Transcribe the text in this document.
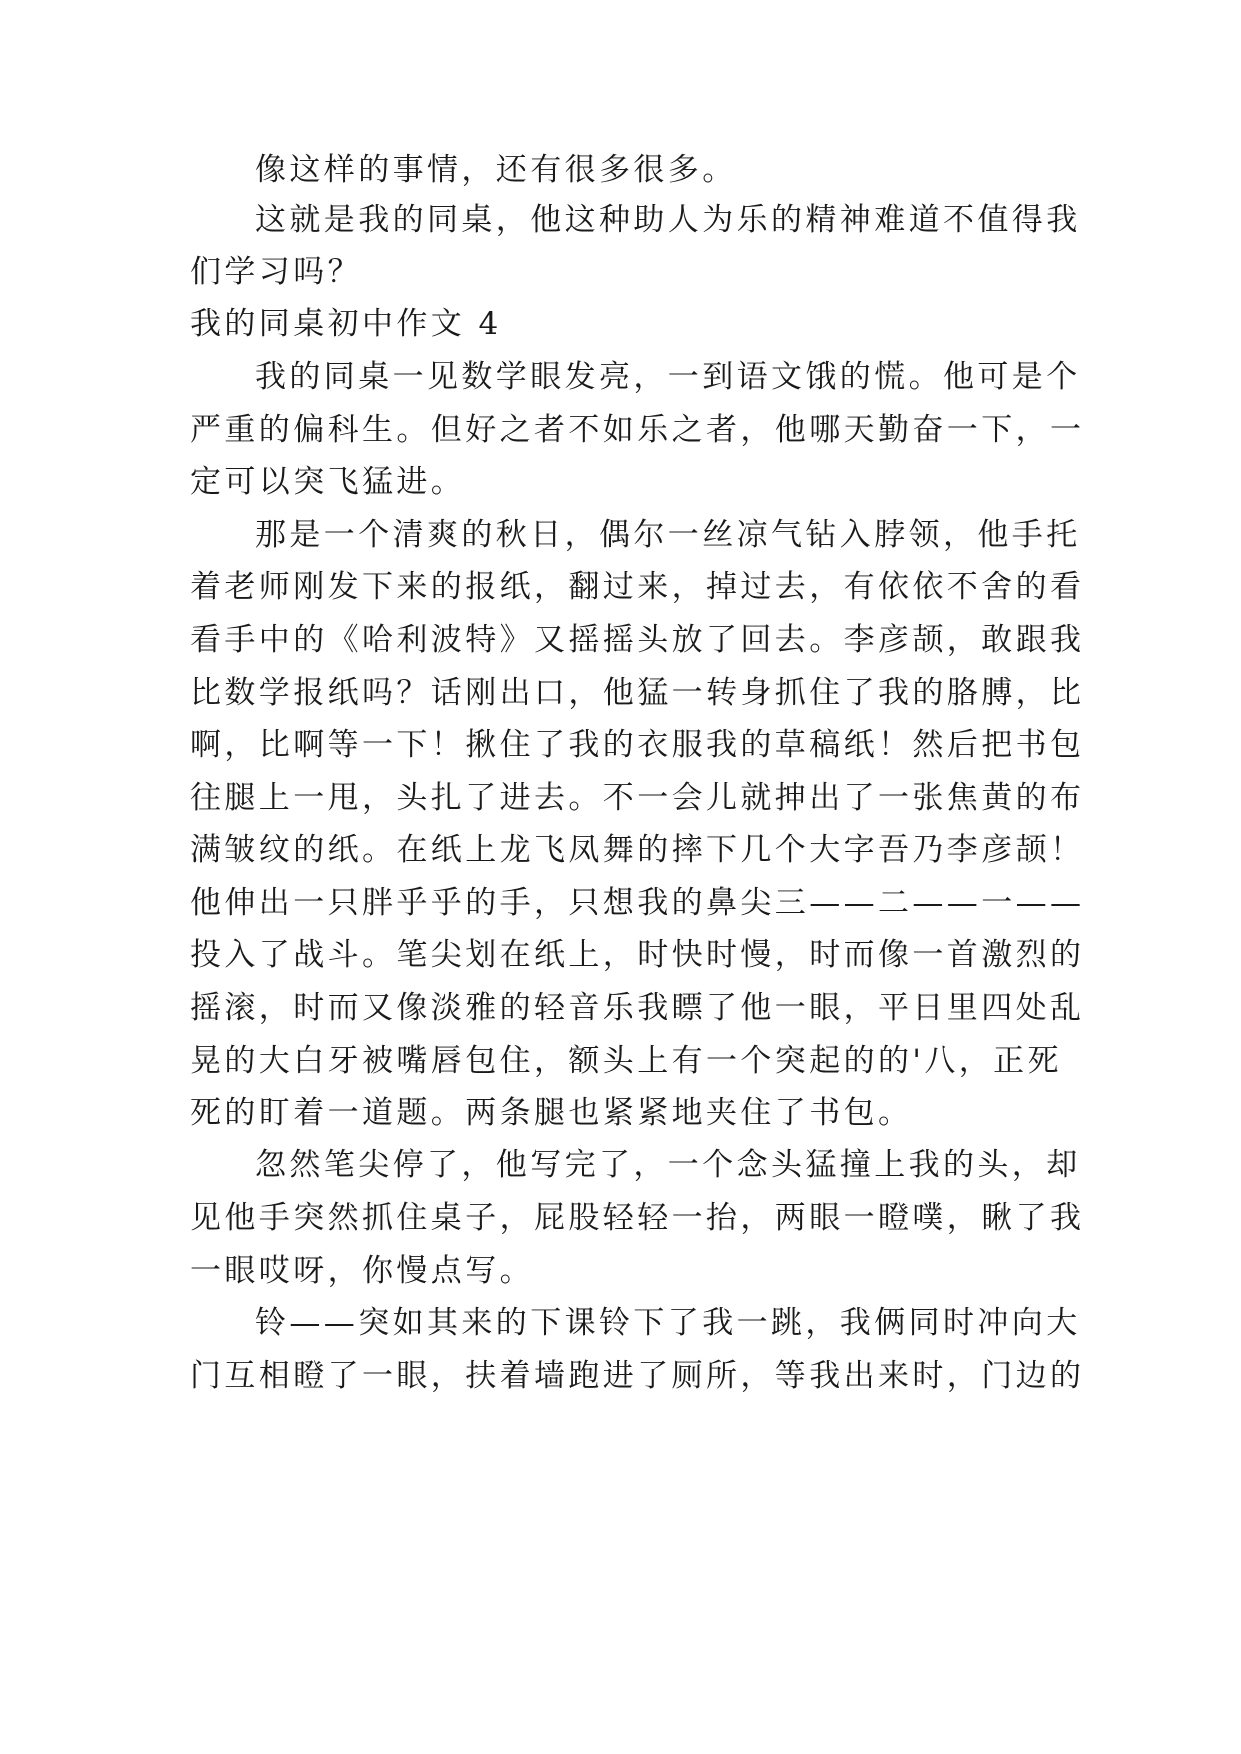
像这样的事情，还有很多很多。
这就是我的同桌，他这种助人为乐的精神难道不值得我
们学习吗？
我的同桌初中作文 4
我的同桌一见数学眼发亮，一到语文饿的慌。他可是个
严重的偏科生。但好之者不如乐之者，他哪天勤奋一下，一
定可以突飞猛进。
那是一个清爽的秋日，偶尔一丝凉气钻入脖领，他手托
着老师刚发下来的报纸，翻过来，掉过去，有依依不舍的看
看手中的《哈利波特》又摇摇头放了回去。李彦颉，敢跟我
比数学报纸吗？话刚出口，他猛一转身抓住了我的胳膊，比
啊，比啊等一下！揪住了我的衣服我的草稿纸！然后把书包
往腿上一甩，头扎了进去。不一会儿就抻出了一张焦黄的布
满皱纹的纸。在纸上龙飞凤舞的摔下几个大字吾乃李彦颉！
他伸出一只胖乎乎的手，只想我的鼻尖三——二——一——
投入了战斗。笔尖划在纸上，时快时慢，时而像一首激烈的
摇滚，时而又像淡雅的轻音乐我瞟了他一眼，平日里四处乱
晃的大白牙被嘴唇包住，额头上有一个突起的的'八，正死
死的盯着一道题。两条腿也紧紧地夹住了书包。
忽然笔尖停了，他写完了，一个念头猛撞上我的头，却
见他手突然抓住桌子，屁股轻轻一抬，两眼一瞪噗，瞅了我
一眼哎呀，你慢点写。
铃——突如其来的下课铃下了我一跳，我俩同时冲向大
门互相瞪了一眼，扶着墙跑进了厕所，等我出来时，门边的
